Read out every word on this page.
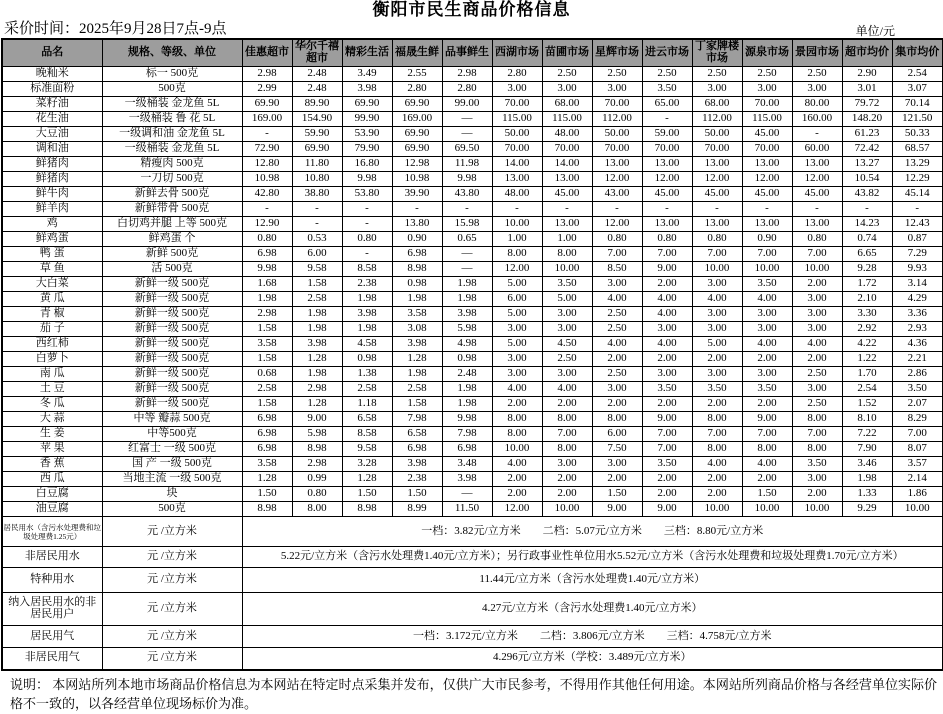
衡阳市民生商品价格信息
采价时间：2025年9月28日7点-9点	单位/元
品名	规格、等级、单位	佳惠超市	华尔千禧超市	精彩生活	福晟生鲜	品事鲜生	西湖市场	苗圃市场	星辉市场	进云市场	丁家牌楼市场	源泉市场	景园市场	超市均价	集市均价
晚籼米	标一 500克	2.98	2.48	3.49	2.55	2.98	2.80	2.50	2.50	2.50	2.50	2.50	2.50	2.90	2.54
标准面粉	500克	2.99	2.48	3.98	2.80	2.80	3.00	3.00	3.00	3.50	3.00	3.00	3.00	3.01	3.07
菜籽油	一级桶装 金龙鱼 5L	69.90	89.90	69.90	69.90	99.00	70.00	68.00	70.00	65.00	68.00	70.00	80.00	79.72	70.14
花生油	一级桶装 鲁 花 5L	169.00	154.90	99.90	169.00	—	115.00	115.00	112.00	-	112.00	115.00	160.00	148.20	121.50
大豆油	一级调和油 金龙鱼 5L	-	59.90	53.90	69.90	—	50.00	48.00	50.00	59.00	50.00	45.00	-	61.23	50.33
调和油	一级桶装 金龙鱼 5L	72.90	69.90	79.90	69.90	69.50	70.00	70.00	70.00	70.00	70.00	70.00	60.00	72.42	68.57
鲜猪肉	精瘦肉 500克	12.80	11.80	16.80	12.98	11.98	14.00	14.00	13.00	13.00	13.00	13.00	13.00	13.27	13.29
鲜猪肉	一刀切 500克	10.98	10.80	9.98	10.98	9.98	13.00	13.00	12.00	12.00	12.00	12.00	12.00	10.54	12.29
鲜牛肉	新鲜去骨 500克	42.80	38.80	53.80	39.90	43.80	48.00	45.00	43.00	45.00	45.00	45.00	45.00	43.82	45.14
鲜羊肉	新鲜带骨 500克	-	-	-	-	-	-	-	-	-	-	-	-	-	-
鸡	白切鸡并腿 上等 500克	12.90	-	-	13.80	15.98	10.00	13.00	12.00	13.00	13.00	13.00	13.00	14.23	12.43
鲜鸡蛋	鲜鸡蛋 个	0.80	0.53	0.80	0.90	0.65	1.00	1.00	0.80	0.80	0.80	0.90	0.80	0.74	0.87
鸭 蛋	新鲜 500克	6.98	6.00	-	6.98	—	8.00	8.00	7.00	7.00	7.00	7.00	7.00	6.65	7.29
草 鱼	活 500克	9.98	9.58	8.58	8.98	—	12.00	10.00	8.50	9.00	10.00	10.00	10.00	9.28	9.93
大白菜	新鲜一级 500克	1.68	1.58	2.38	0.98	1.98	5.00	3.50	3.00	2.00	3.00	3.50	2.00	1.72	3.14
黄 瓜	新鲜一级 500克	1.98	2.58	1.98	1.98	1.98	6.00	5.00	4.00	4.00	4.00	4.00	3.00	2.10	4.29
青 椒	新鲜一级 500克	2.98	1.98	3.98	3.58	3.98	5.00	3.00	2.50	4.00	3.00	3.00	3.00	3.30	3.36
茄 子	新鲜一级 500克	1.58	1.98	1.98	3.08	5.98	3.00	3.00	2.50	3.00	3.00	3.00	3.00	2.92	2.93
西红柿	新鲜一级 500克	3.58	3.98	4.58	3.98	4.98	5.00	4.50	4.00	4.00	5.00	4.00	4.00	4.22	4.36
白萝卜	新鲜一级 500克	1.58	1.28	0.98	1.28	0.98	3.00	2.50	2.00	2.00	2.00	2.00	2.00	1.22	2.21
南 瓜	新鲜一级 500克	0.68	1.98	1.38	1.98	2.48	3.00	3.00	2.50	3.00	3.00	3.00	2.50	1.70	2.86
土 豆	新鲜一级 500克	2.58	2.98	2.58	2.58	1.98	4.00	4.00	3.00	3.50	3.50	3.50	3.00	2.54	3.50
冬 瓜	新鲜一级 500克	1.58	1.28	1.18	1.58	1.98	2.00	2.00	2.00	2.00	2.00	2.00	2.50	1.52	2.07
大 蒜	中等 瓣蒜 500克	6.98	9.00	6.58	7.98	9.98	8.00	8.00	8.00	9.00	8.00	9.00	8.00	8.10	8.29
生 姜	中等500克	6.98	5.98	8.58	6.58	7.98	8.00	7.00	6.00	7.00	7.00	7.00	7.00	7.22	7.00
苹 果	红富士 一级 500克	6.98	8.98	9.58	6.98	6.98	10.00	8.00	7.50	7.00	8.00	8.00	8.00	7.90	8.07
香 蕉	国 产 一级 500克	3.58	2.98	3.28	3.98	3.48	4.00	3.00	3.00	3.50	4.00	4.00	3.50	3.46	3.57
西 瓜	当地主流 一级 500克	1.28	0.99	1.28	2.38	3.98	2.00	2.00	2.00	2.00	2.00	2.00	3.00	1.98	2.14
白豆腐	块	1.50	0.80	1.50	1.50	—	2.00	2.00	1.50	2.00	2.00	1.50	2.00	1.33	1.86
油豆腐	500克	8.98	8.00	8.98	8.99	11.50	12.00	10.00	9.00	9.00	10.00	10.00	10.00	9.29	10.00
居民用水（含污水处理费和垃圾处理费1.25元）	元 /立方米	一档：3.82元/立方米　　二档：5.07元/立方米　　三档：8.80元/立方米													
非居民用水	元 /立方米	5.22元/立方米（含污水处理费1.40元/立方米）；另行政事业性单位用水5.52元/立方米（含污水处理费和垃圾处理费1.70元/立方米）													
特种用水	元 /立方米	11.44元/立方米（含污水处理费1.40元/立方米）													
纳入居民用水的非居民用户	元 /立方米	4.27元/立方米（含污水处理费1.40元/立方米）													
居民用气	元 /立方米	一档：3.172元/立方米　　二档：3.806元/立方米　　三档：4.758元/立方米													
非居民用气	元 /立方米	4.296元/立方米（学校：3.489元/立方米）													
说明： 本网站所列本地市场商品价格信息为本网站在特定时点采集并发布，仅供广大市民参考，不得用作其他任何用途。本网站所列商品价格与各经营单位实际价格不一致的，以各经营单位现场标价为准。
